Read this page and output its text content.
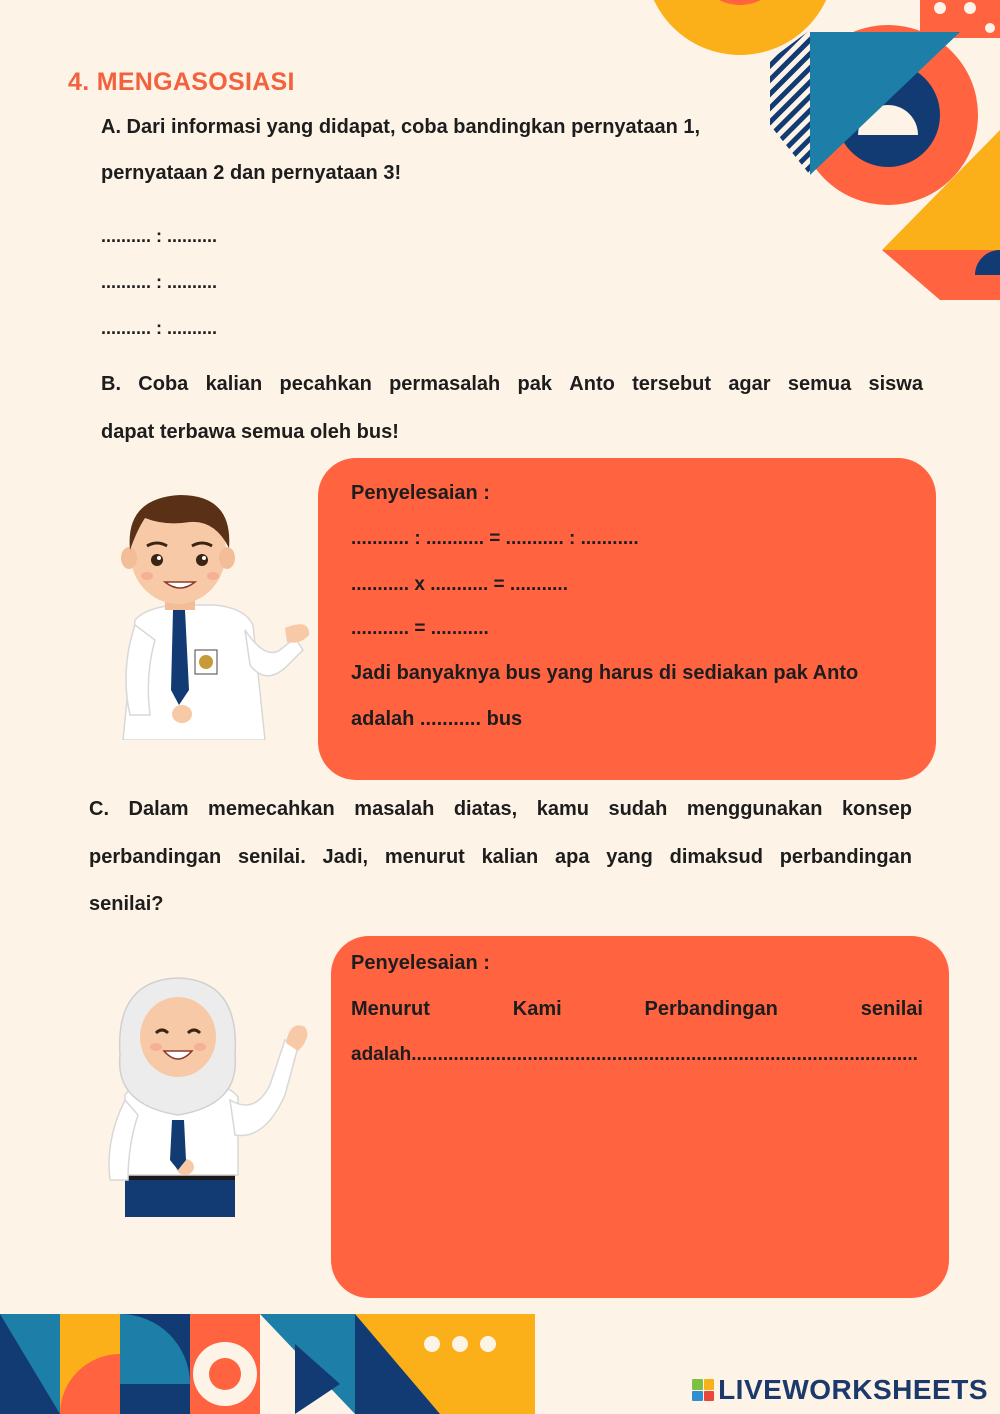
4. MENGASOSIASI
A. Dari informasi yang didapat, coba bandingkan pernyataan 1,
pernyataan 2 dan pernyataan 3!
.......... : ..........
.......... : ..........
.......... : ..........
B. Coba kalian pecahkan permasalah pak Anto tersebut agar semua siswa
dapat terbawa semua oleh bus!
Penyelesaian :
........... : ........... = ........... : ...........
........... x ........... = ...........
........... = ...........
Jadi banyaknya bus yang harus di sediakan pak Anto
adalah ........... bus
C. Dalam memecahkan masalah diatas, kamu sudah menggunakan konsep
perbandingan senilai. Jadi, menurut kalian apa yang dimaksud perbandingan
senilai?
Penyelesaian :
Menurut	Kami	Perbandingan	senilai
adalah................................................................................................
LIVEWORKSHEETS
